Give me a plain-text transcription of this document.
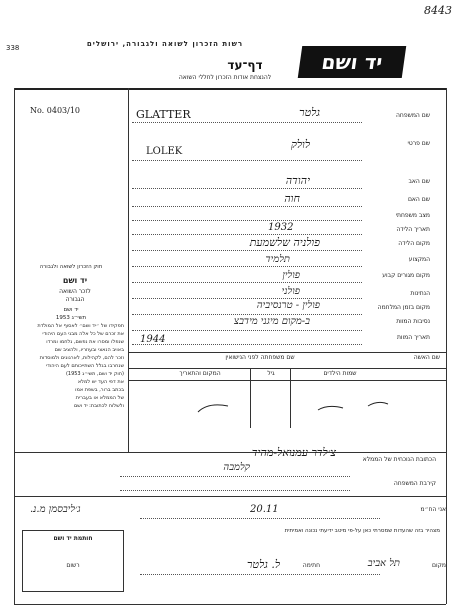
8443
338	רשות הזכרון לשואה ולגבורה, ירושלים
יד ושם
דף־עד
להנצחת אודות הזכרון לחללי השואה
No. 0403/10
יד ושם
לזכר השואה
הגבורה
חוק הזכרון לשואה ולגבורה
יד ושם
תשי״ג 1953
תפקידו של ״יד ושם״ לאסוף אל המולדת
את זכרם של כל אלה מבני העם היהודי
שנפלו ומסרו את נפשם, נלחמו ומרדו
באויב הנאצי ובעוזריו, ולהציב שם
וזכר להם, לקהילות, לארגונים ולמוסדות
שנחרבו בגלל השתייכותם לעם היהודי
(חוק יד ושם, תשי״ג 1953)
את דפי העד יש למלא
בכתב ברור, בשפת אמו
של הממלא או בעברית
ולשלוח לכתובת: יד ושם
שם המשפחה
GLATTER	גלטר
שם פרטי
LOLEK
לולק
שם האב
יהודה
שם האם
חוה
מצב משפחתי
תאריך הלידה
1932
מקום הלידה
פולניה שלשמעת
המקצוע
תלמיד
מקום מגורים קבוע
פולין
הנתינות
פולני
מקום בזמן המלחמה
פולין - טרנסיביה
נסיבות המוות
ב-מקום מיגני מידבצ
תאריך המוות
1944
שם האשה
שם משפחתה לפני הנישואין
שמות הילדים
גיל
המקום והתאריך
הכתובת הנוכחית של הממלא
צ׳לדר עמנואל-מהיד
קלמבה
קירבת המשפחה
אני הח״מ
ג׳ליבסמן מ.נ.	20.11
מצהיר בזה שהעדות שמסרתי כאן על-פי מיטב ידיעתי נכונה ואמיתית
מקום
תל אביב
חתימה
ל. גלטר
חותמת יד ושם
רשום
